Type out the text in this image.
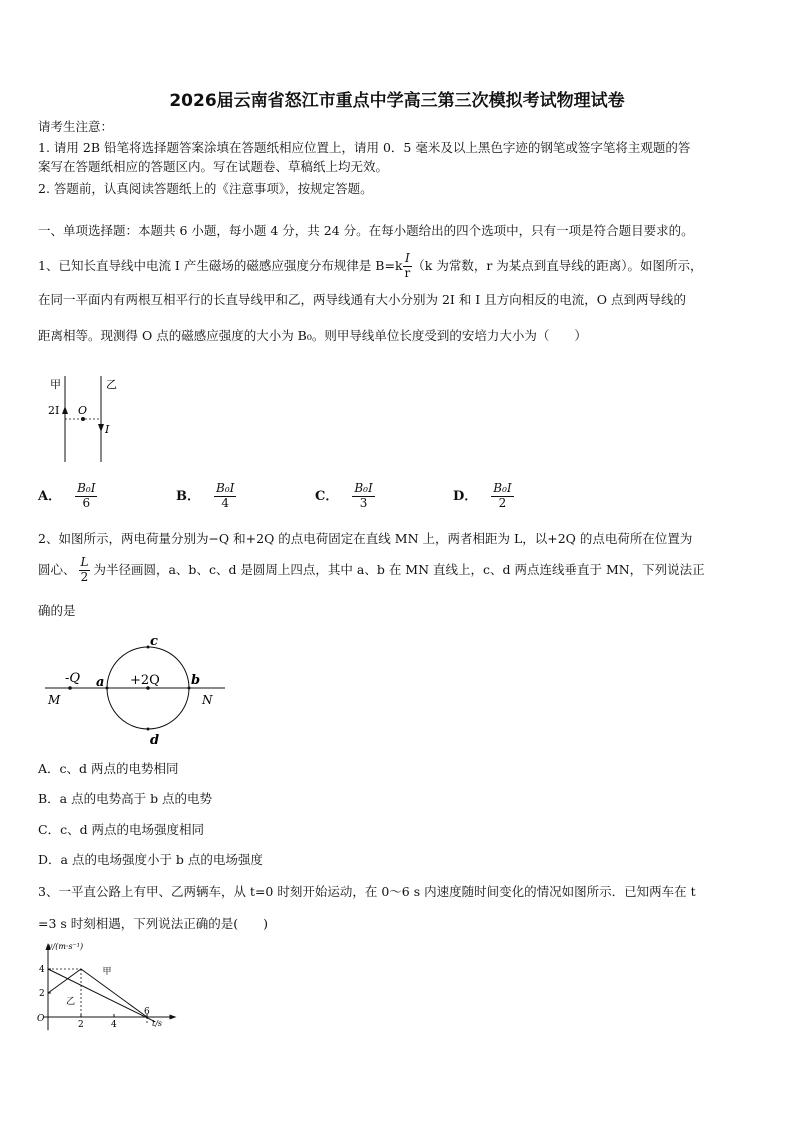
2026届云南省怒江市重点中学高三第三次模拟考试物理试卷
请考生注意：
1. 请用 2B 铅笔将选择题答案涂填在答题纸相应位置上，请用 0．5 毫米及以上黑色字迹的钢笔或签字笔将主观题的答
案写在答题纸相应的答题区内。写在试题卷、草稿纸上均无效。
2. 答题前，认真阅读答题纸上的《注意事项》，按规定答题。
一、单项选择题：本题共 6 小题，每小题 4 分，共 24 分。在每小题给出的四个选项中，只有一项是符合题目要求的。
1、已知长直导线中电流 I 产生磁场的磁感应强度分布规律是 $B=k \frac{I}{r} (k$ 为常数，r 为某点到直导线的距离）。如图所示，
在同一平面内有两根互相平行的长直导线甲和乙，两导线通有大小分别为 2I 和 I 且方向相反的电流，O 点到两导线的
距离相等。现测得 O 点的磁感应强度的大小为 B₀。则甲导线单位长度受到的安培力大小为（　　）
甲	乙
2I O
I
A． $\frac{\text{B₀I}}{6}$	B． $\frac{\text{B₀I}}{4}$	C． $\frac{\text{B₀I}}{3}$	D． $\frac{\text{B₀I}}{2}$
2、如图所示，两电荷量分别为−Q 和+2Q 的点电荷固定在直线 MN 上，两者相距为 L，以+2Q 的点电荷所在位置为
圆心、 $\frac{L}{2}$ 为半径画圆，a、b、c、d 是圆周上四点，其中 a、b 在 MN 直线上，c、d 两点连线垂直于 MN，下列说法正
确的是
-Q a +2Q b
c
d
M	N
A．c、d 两点的电势相同
B．a 点的电势高于 b 点的电势
C．c、d 两点的电场强度相同
D．a 点的电场强度小于 b 点的电场强度
3、一平直公路上有甲、乙两辆车，从 t=0 时刻开始运动，在 0～6 s 内速度随时间变化的情况如图所示．已知两车在 t
=3 s 时刻相遇，下列说法正确的是(　　)
2
4
2	4
6
甲
乙
v/(m·s⁻¹)
t/s
O
